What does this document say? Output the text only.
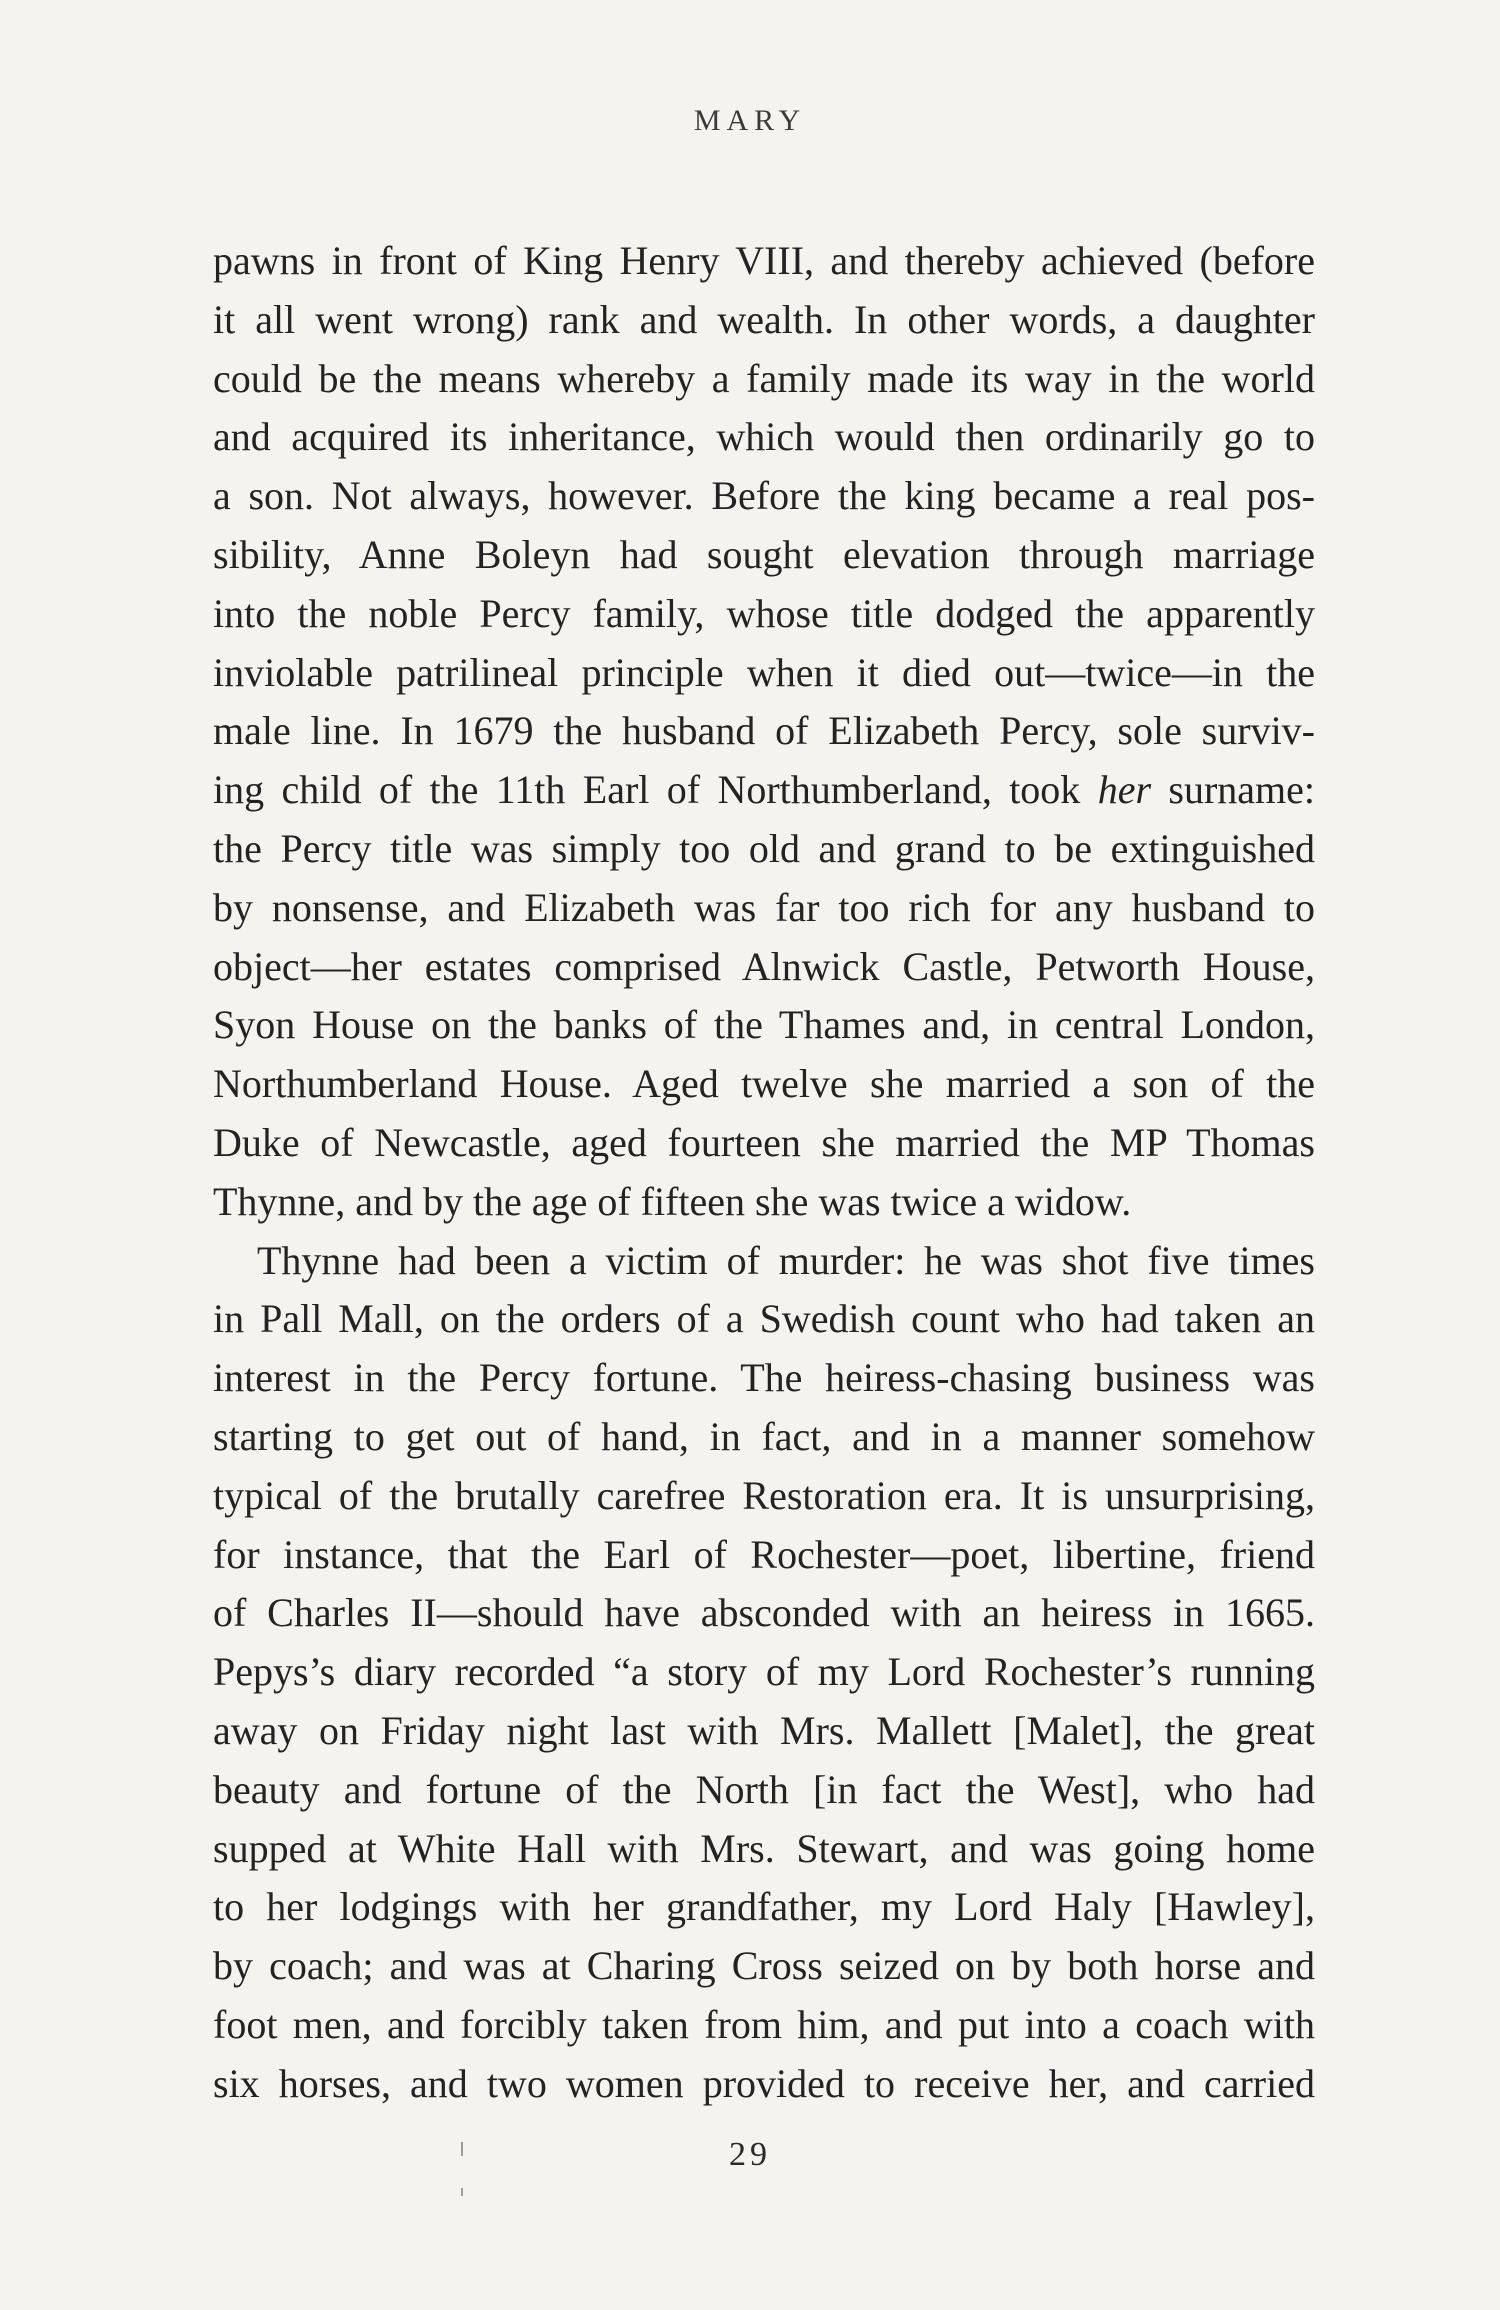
MARY

pawns in front of King Henry VIII, and thereby achieved (before
it all went wrong) rank and wealth. In other words, a daughter
could be the means whereby a family made its way in the world
and acquired its inheritance, which would then ordinarily go to
a son. Not always, however. Before the king became a real pos-
sibility, Anne Boleyn had sought elevation through marriage
into the noble Percy family, whose title dodged the apparently
inviolable patrilineal principle when it died out—twice—in the
male line. In 1679 the husband of Elizabeth Percy, sole surviv-
ing child of the 11th Earl of Northumberland, took her surname:
the Percy title was simply too old and grand to be extinguished
by nonsense, and Elizabeth was far too rich for any husband to
object—her estates comprised Alnwick Castle, Petworth House,
Syon House on the banks of the Thames and, in central London,
Northumberland House. Aged twelve she married a son of the
Duke of Newcastle, aged fourteen she married the MP Thomas
Thynne, and by the age of fifteen she was twice a widow.

Thynne had been a victim of murder: he was shot five times
in Pall Mall, on the orders of a Swedish count who had taken an
interest in the Percy fortune. The heiress-chasing business was
starting to get out of hand, in fact, and in a manner somehow
typical of the brutally carefree Restoration era. It is unsurprising,
for instance, that the Earl of Rochester—poet, libertine, friend
of Charles II—should have absconded with an heiress in 1665.
Pepys’s diary recorded “a story of my Lord Rochester’s running
away on Friday night last with Mrs. Mallett [Malet], the great
beauty and fortune of the North [in fact the West], who had
supped at White Hall with Mrs. Stewart, and was going home
to her lodgings with her grandfather, my Lord Haly [Hawley],
by coach; and was at Charing Cross seized on by both horse and
foot men, and forcibly taken from him, and put into a coach with
six horses, and two women provided to receive her, and carried

29
